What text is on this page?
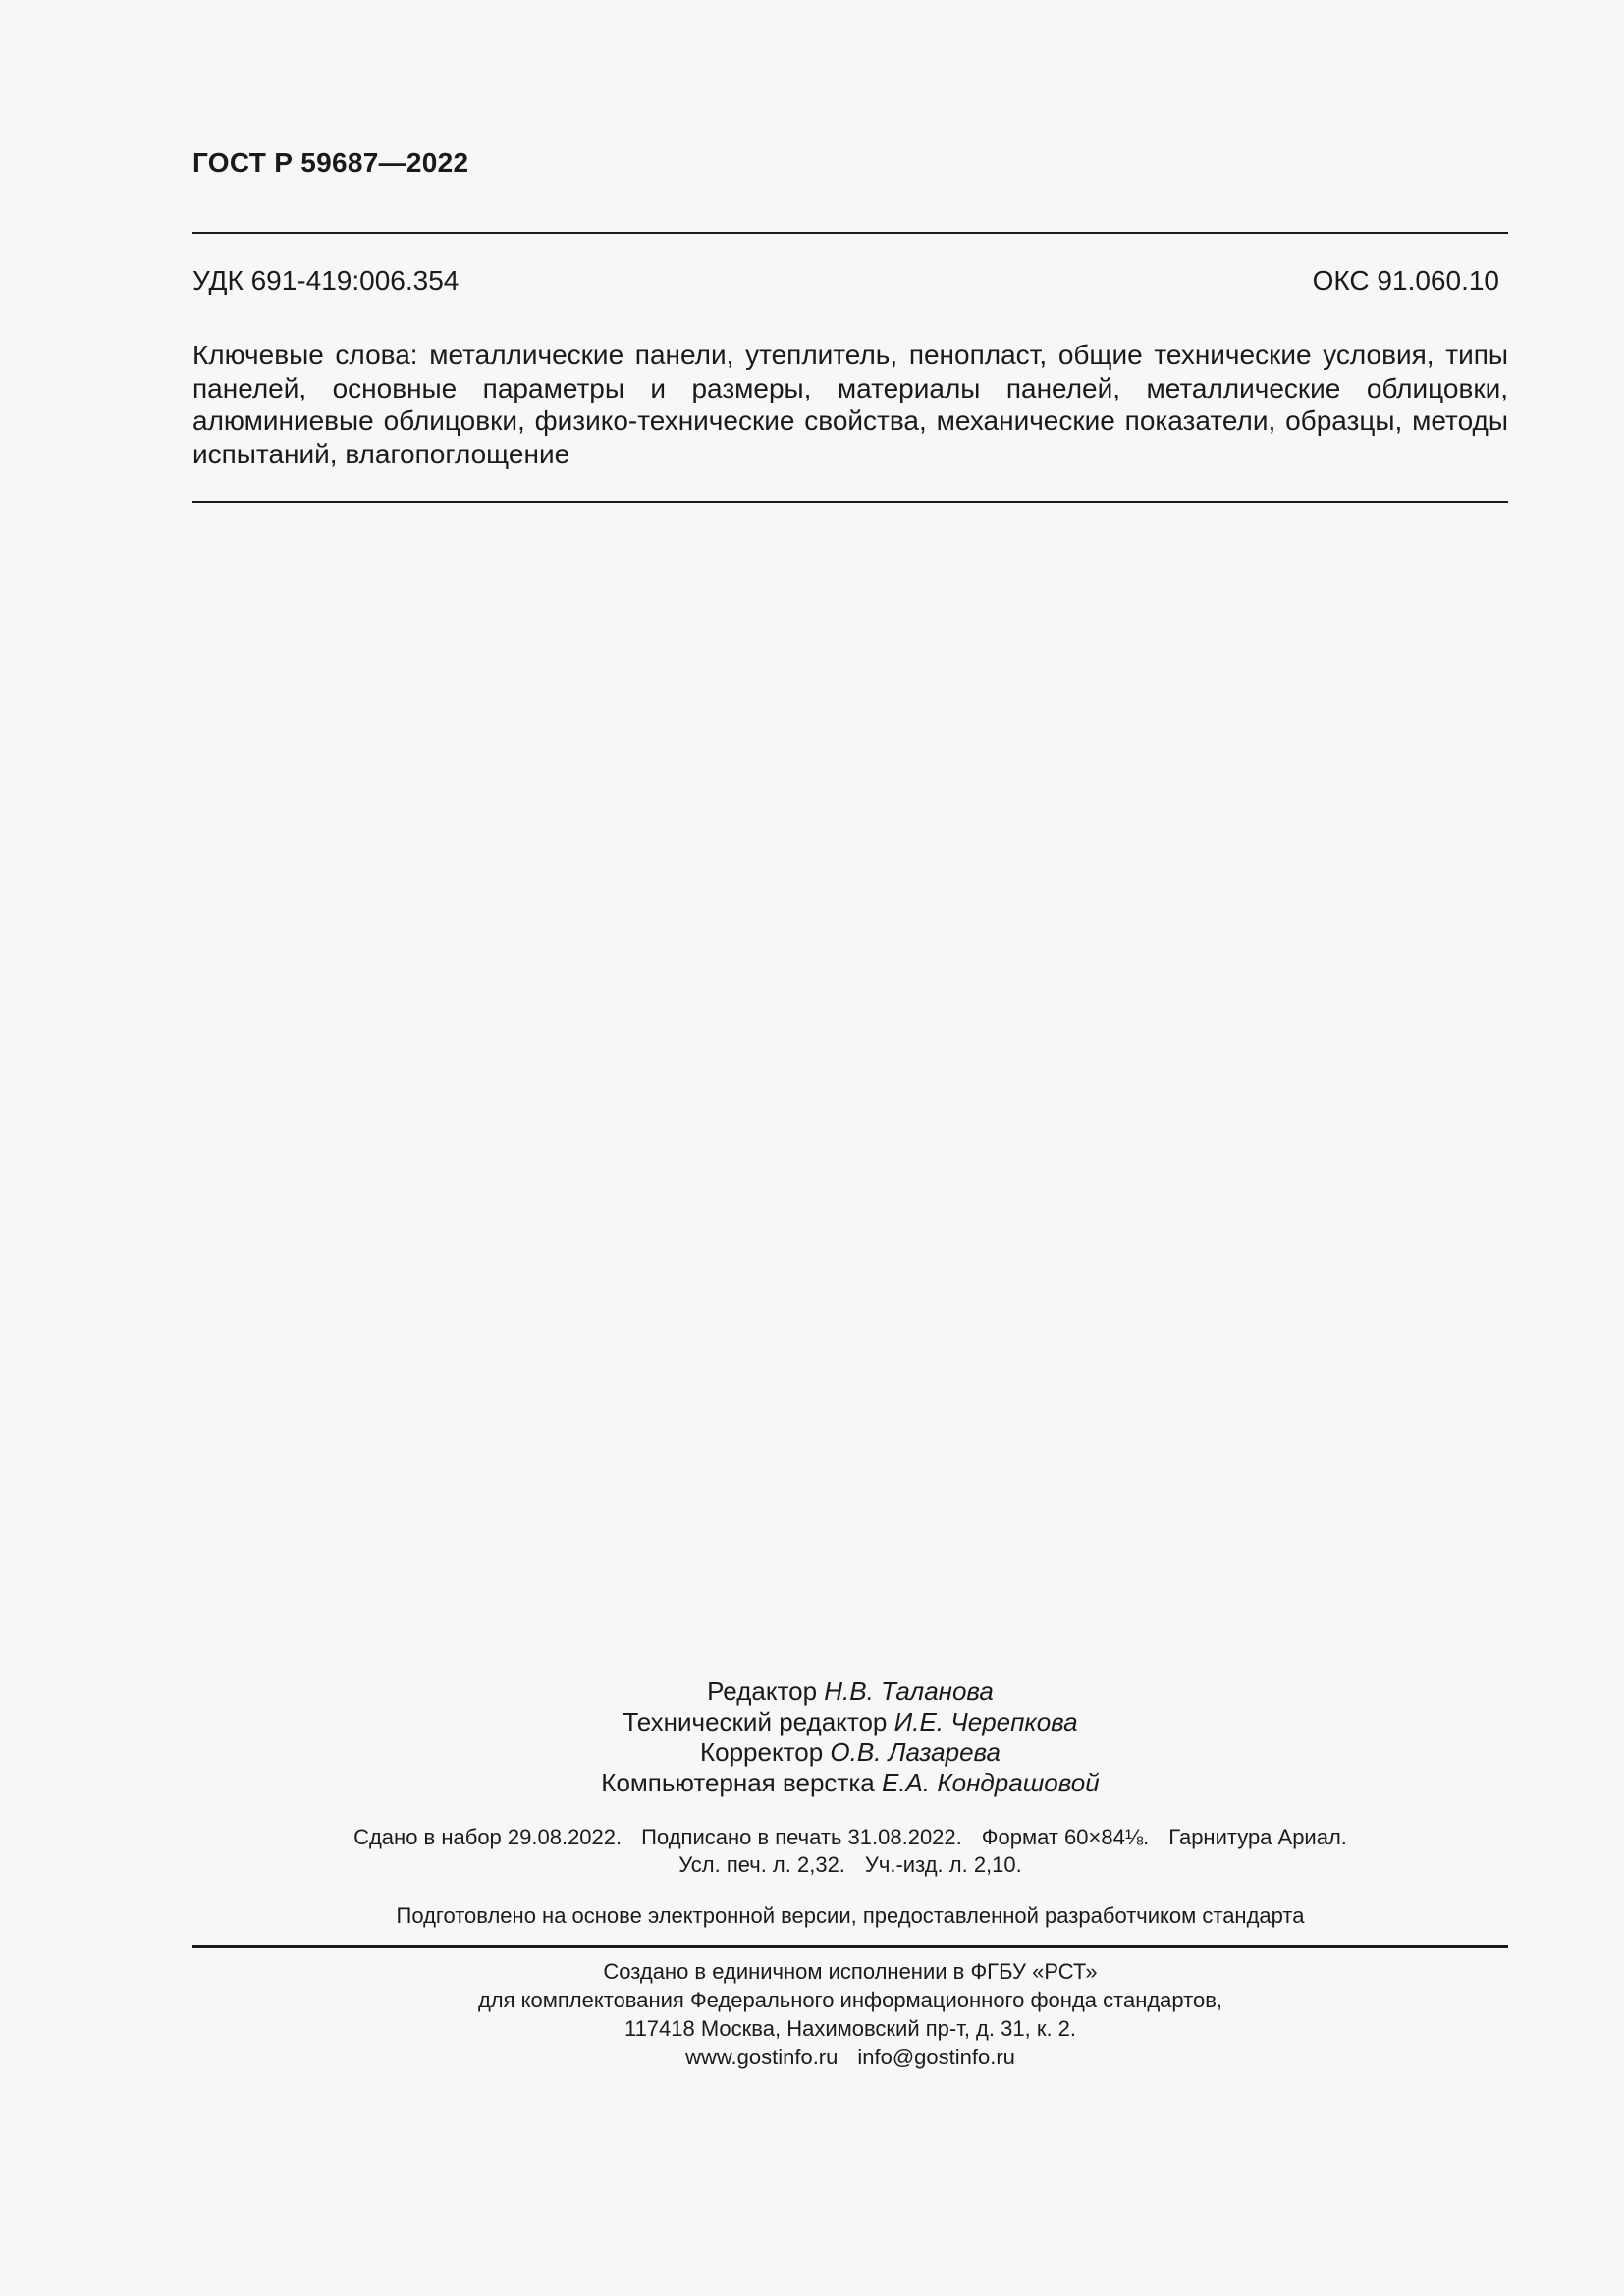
ГОСТ Р 59687—2022
УДК 691-419:006.354	ОКС 91.060.10
Ключевые слова: металлические панели, утеплитель, пенопласт, общие технические условия, типы панелей, основные параметры и размеры, материалы панелей, металлические облицовки, алюминиевые облицовки, физико-технические свойства, механические показатели, образцы, методы испытаний, влагопоглощение
Редактор Н.В. Таланова
Технический редактор И.Е. Черепкова
Корректор О.В. Лазарева
Компьютерная верстка Е.А. Кондрашовой
Сдано в набор 29.08.2022. Подписано в печать 31.08.2022. Формат 60×84⅛. Гарнитура Ариал.
Усл. печ. л. 2,32. Уч.-изд. л. 2,10.
Подготовлено на основе электронной версии, предоставленной разработчиком стандарта
Создано в единичном исполнении в ФГБУ «РСТ»
для комплектования Федерального информационного фонда стандартов,
117418 Москва, Нахимовский пр-т, д. 31, к. 2.
www.gostinfo.ru info@gostinfo.ru
